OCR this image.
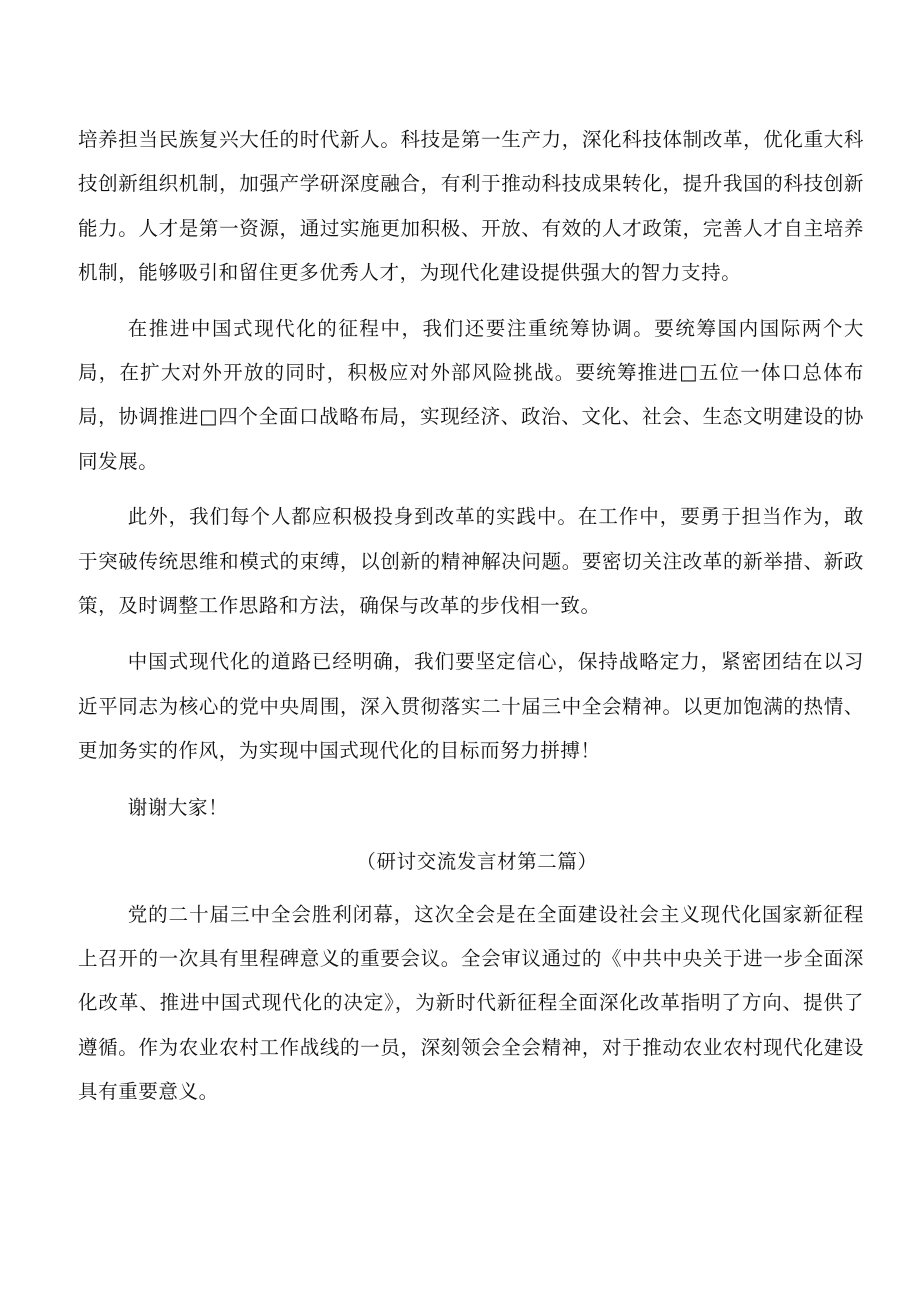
培养担当民族复兴大任的时代新人。科技是第一生产力，深化科技体制改革，优化重大科技创新组织机制，加强产学研深度融合，有利于推动科技成果转化，提升我国的科技创新能力。人才是第一资源，通过实施更加积极、开放、有效的人才政策，完善人才自主培养机制，能够吸引和留住更多优秀人才，为现代化建设提供强大的智力支持。

在推进中国式现代化的征程中，我们还要注重统筹协调。要统筹国内国际两个大局，在扩大对外开放的同时，积极应对外部风险挑战。要统筹推进□五位一体口总体布局，协调推进□四个全面口战略布局，实现经济、政治、文化、社会、生态文明建设的协同发展。

此外，我们每个人都应积极投身到改革的实践中。在工作中，要勇于担当作为，敢于突破传统思维和模式的束缚，以创新的精神解决问题。要密切关注改革的新举措、新政策，及时调整工作思路和方法，确保与改革的步伐相一致。

中国式现代化的道路已经明确，我们要坚定信心，保持战略定力，紧密团结在以习近平同志为核心的党中央周围，深入贯彻落实二十届三中全会精神。以更加饱满的热情、更加务实的作风，为实现中国式现代化的目标而努力拼搏！

谢谢大家！

（研讨交流发言材第二篇）

党的二十届三中全会胜利闭幕，这次全会是在全面建设社会主义现代化国家新征程上召开的一次具有里程碑意义的重要会议。全会审议通过的《中共中央关于进一步全面深化改革、推进中国式现代化的决定》，为新时代新征程全面深化改革指明了方向、提供了遵循。作为农业农村工作战线的一员，深刻领会全会精神，对于推动农业农村现代化建设具有重要意义。
